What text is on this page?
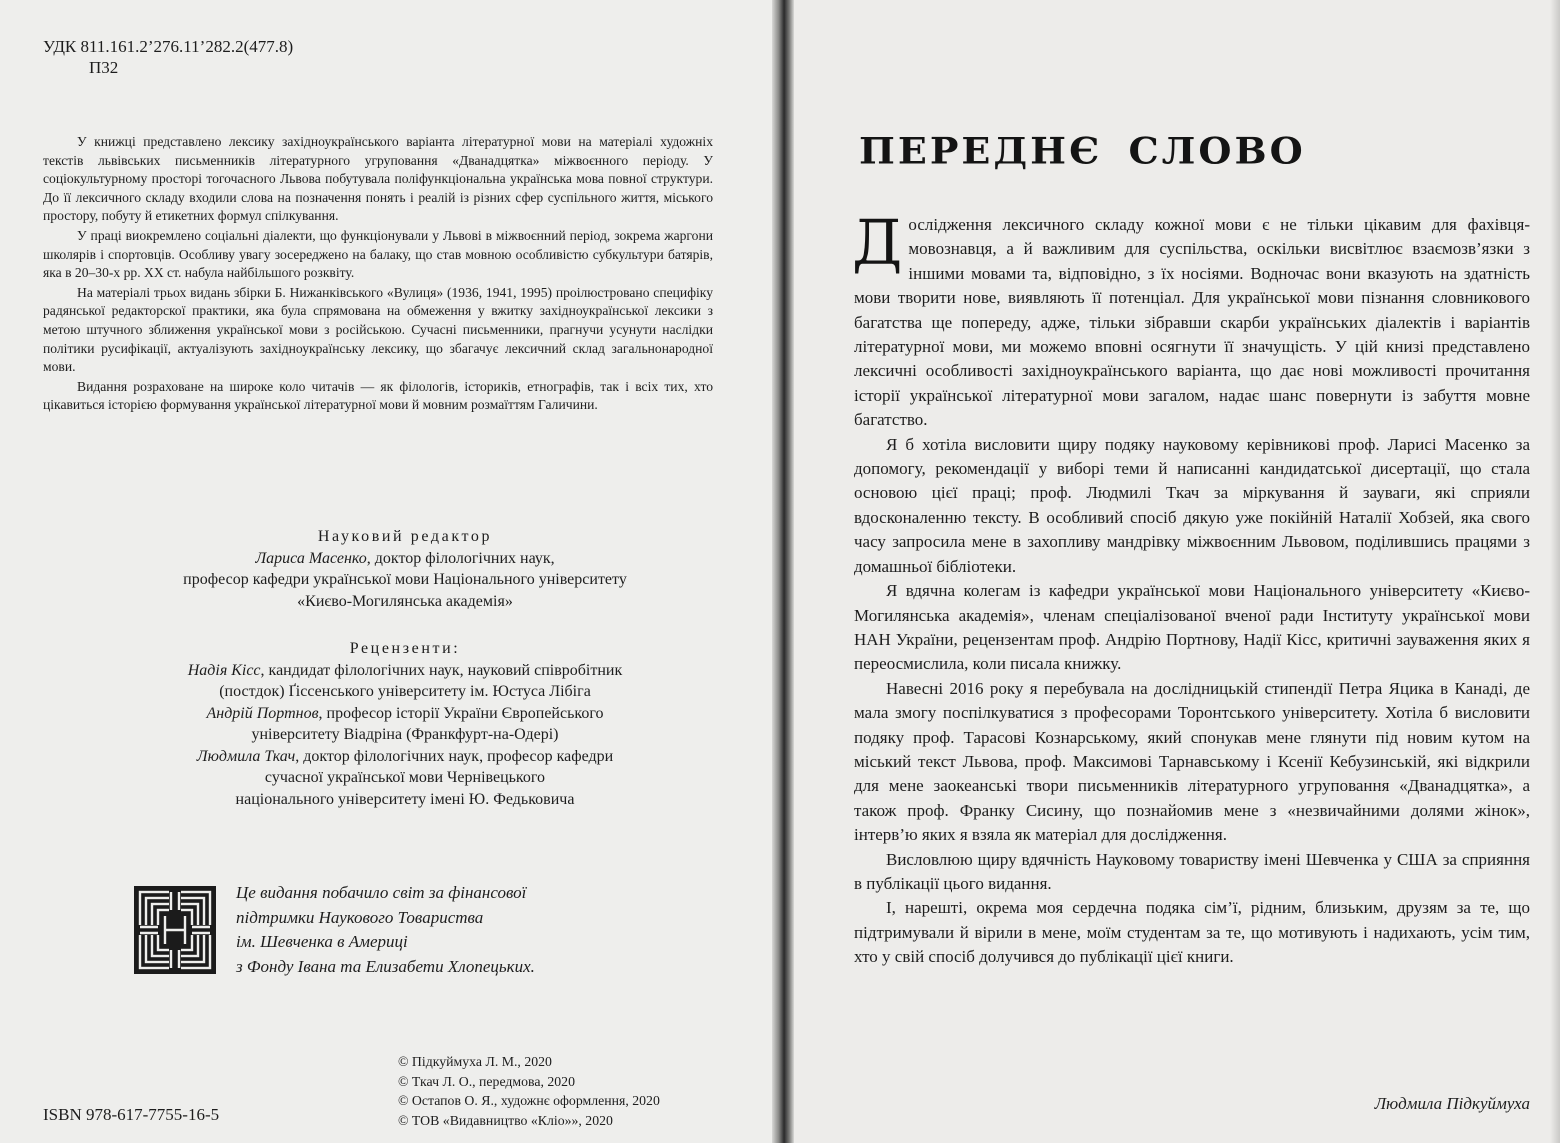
УДК 811.161.2’276.11’282.2(477.8)
П32

У книжці представлено лексику західноукраїнського варіанта літературної мови на матеріалі художніх текстів львівських письменників літературного угруповання «Дванадцятка» міжвоєнного періоду. У соціокультурному просторі тогочасного Львова побутувала поліфункціональна українська мова повної структури. До її лексичного складу входили слова на позначення понять і реалій із різних сфер суспільного життя, міського простору, побуту й етикетних формул спілкування.

У праці виокремлено соціальні діалекти, що функціонували у Львові в міжвоєнний період, зокрема жаргони школярів і спортовців. Особливу увагу зосереджено на балаку, що став мовною особливістю субкультури батярів, яка в 20–30-х рр. ХХ ст. набула найбільшого розквіту.

На матеріалі трьох видань збірки Б. Нижанківського «Вулиця» (1936, 1941, 1995) проілюстровано специфіку радянської редакторскої практики, яка була спрямована на обмеження у вжитку західноукраїнської лексики з метою штучного зближення української мови з російською. Сучасні письменники, прагнучи усунути наслідки політики русифікації, актуалізують західноукраїнську лексику, що збагачує лексичний склад загальнонародної мови.

Видання розраховане на широке коло читачів — як філологів, істориків, етнографів, так і всіх тих, хто цікавиться історією формування української літературної мови й мовним розмаїттям Галичини.

Науковий редактор
Лариса Масенко, доктор філологічних наук,
професор кафедри української мови Національного університету
«Києво-Могилянська академія»
Рецензенти:
Надія Кісс, кандидат філологічних наук, науковий співробітник
(постдок) Ґіссенського університету ім. Юстуса Лібіга
Андрій Портнов, професор історії України Європейського
університету Віадріна (Франкфурт-на-Одері)
Людмила Ткач, доктор філологічних наук, професор кафедри
сучасної української мови Чернівецького
національного університету імені Ю. Федьковича
Це видання побачило світ за фінансової
підтримки Наукового Товариства
ім. Шевченка в Америці
з Фонду Івана та Елизабети Хлопецьких.
© Підкуймуха Л. М., 2020
© Ткач Л. О., передмова, 2020
© Остапов О. Я., художнє оформлення, 2020
© ТОВ «Видавництво «Кліо»», 2020
ISBN 978-617-7755-16-5
ПЕРЕДНЄ СЛОВО

Дослідження лексичного складу кожної мови є не тільки цікавим для фахівця-мовознавця, а й важливим для суспільства, оскільки висвітлює взаємозв’язки з іншими мовами та, відповідно, з їх носіями. Водночас вони вказують на здатність мови творити нове, виявляють її потенціал. Для української мови пізнання словникового багатства ще попереду, адже, тільки зібравши скарби українських діалектів і варіантів літературної мови, ми можемо вповні осягнути її значущість. У цій книзі представлено лексичні особливості західноукраїнського варіанта, що дає нові можливості прочитання історії української літературної мови загалом, надає шанс повернути із забуття мовне багатство.

Я б хотіла висловити щиру подяку науковому керівникові проф. Ларисі Масенко за допомогу, рекомендації у виборі теми й написанні кандидатської дисертації, що стала основою цієї праці; проф. Людмилі Ткач за міркування й зауваги, які сприяли вдосконаленню тексту. В особливий спосіб дякую уже покійній Наталії Хобзей, яка свого часу запросила мене в захопливу мандрівку міжвоєнним Львовом, поділившись працями з домашньої бібліотеки.

Я вдячна колегам із кафедри української мови Національного університету «Києво-Могилянська академія», членам спеціалізованої вченої ради Інституту української мови НАН України, рецензентам проф. Андрію Портнову, Надії Кісс, критичні зауваження яких я переосмислила, коли писала книжку.

Навесні 2016 року я перебувала на дослідницькій стипендії Петра Яцика в Канаді, де мала змогу поспілкуватися з професорами Торонтського університету. Хотіла б висловити подяку проф. Тарасові Кознарському, який спонукав мене глянути під новим кутом на міський текст Львова, проф. Максимові Тарнавському і Ксенії Кебузинській, які відкрили для мене заокеанські твори письменників літературного угруповання «Дванадцятка», а також проф. Франку Сисину, що познайомив мене з «незвичайними долями жінок», інтерв’ю яких я взяла як матеріал для дослідження.

Висловлюю щиру вдячність Науковому товариству імені Шевченка у США за сприяння в публікації цього видання.

І, нарешті, окрема моя сердечна подяка сім’ї, рідним, близьким, друзям за те, що підтримували й вірили в мене, моїм студентам за те, що мотивують і надихають, усім тим, хто у свій спосіб долучився до публікації цієї книги.

Людмила Підкуймуха
